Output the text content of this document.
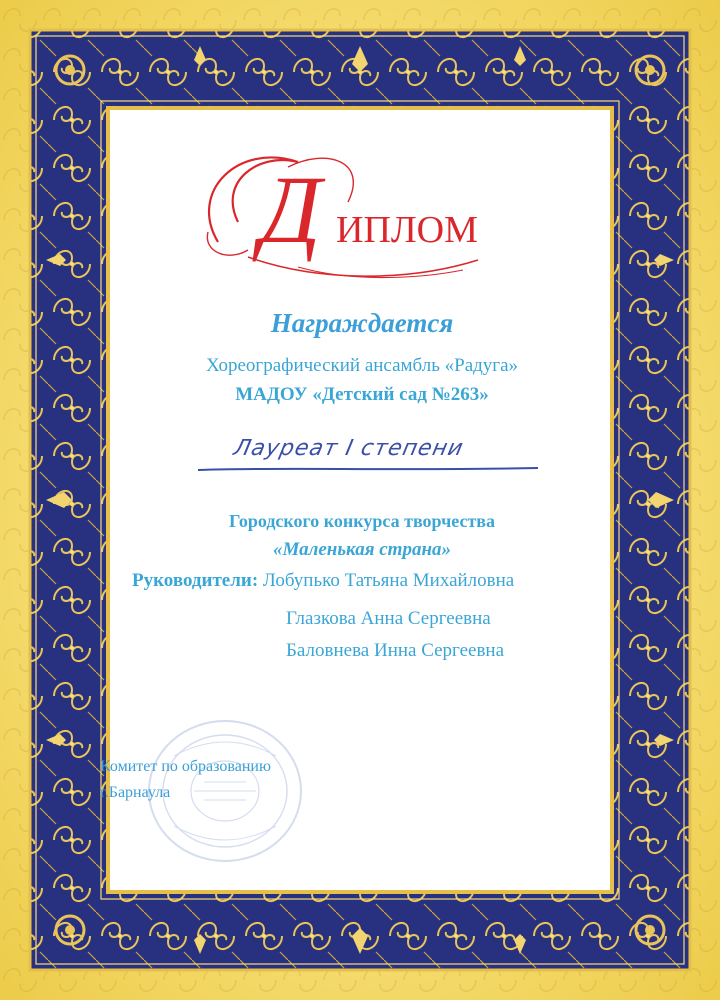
Д ИПЛОМ
Награждается
Хореографический ансамбль «Радуга»
МАДОУ «Детский сад №263»
Лауреат I степени
Городского конкурса творчества
«Маленькая страна»
Руководители: Лобупько Татьяна Михайловна
Глазкова Анна Сергеевна
Баловнева Инна Сергеевна
Комитет по образованию
г.Барнаула
